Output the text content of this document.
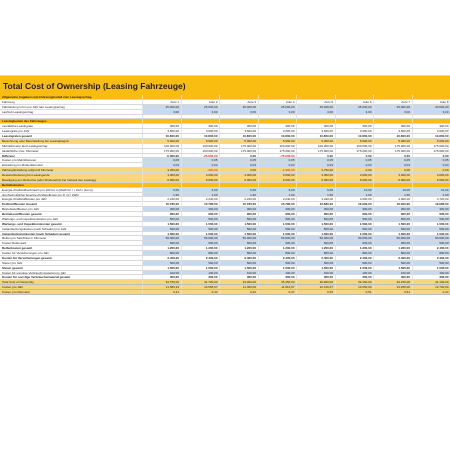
Total Cost of Ownership (Leasing Fahrzeuge)
Allgemeine Angaben zum Fahrzeugmodell zum Leasingvertrag
Fahrzeug	Auto 1	Auto 2	Auto 3	Auto 4	Auto 5	Auto 6	Auto 7	Auto 8
Fahrleistung in km pro Jahr laut Leasingvertrag	25.000,00	25.000,00	25.000,00	25.000,00	25.000,00	25.000,00	25.000,00	40.000,00
Laufzeit Leasingvertrag	3,00	3,00	3,00	3,00	3,00	3,00	3,00	3,00
Leasingkosten des Fahrzeuges
monatliche Leasingrate	300,00	300,00	300,00	300,00	300,00	300,00	300,00	300,00
Leasingrate pro Jahr	3.600,00	3.600,00	3.600,00	3.600,00	3.600,00	3.600,00	3.600,00	3.600,00
Leasingraten gesamt	10.800,00	10.800,00	10.800,00	10.800,00	10.800,00	10.800,00	10.800,00	10.800,00
Berechnung oder Bereitstellung bei Leasingbeginn	5.000,00	5.000,00	5.000,00	5.000,00	5.000,00	5.000,00	5.000,00	5.000,00
Mehrkilometer laut Leasingvertrag	100.000,00	100.000,00	175.000,00	100.000,00	100.000,00	100.000,00	175.000,00	175.000,00
tatsächliche max. Kilometer	175.000,00	150.000,00	175.000,00	175.000,00	175.000,00	175.000,00	175.000,00	175.000,00
Differenz	-5.000,00	-25.000,00	0,00	-75.000,00	0,00	0,00	0,00	0,00
Kosten pro Mehrkilometer	0,05	0,05	0,05	0,05	0,05	0,05	0,05	0,05
Erstattung pro Minderkilometer	0,03	0,03	0,03	0,03	0,03	0,03	0,03	0,03
Zahlung/Erstattung aufgrund Kilometer	3.250,00	-300,00	0,00	-3.300,00	3.750,00	0,00	0,00	0,00
Restwertforderung bei Leasingende	3.000,00	3.000,00	3.000,00	3.000,00	3.000,00	3.000,00	3.000,00	3.000,00
Beteiligung am Mehrerlös (oder Mindererlös) bei Verkauf des Leasingg.	6.000,00	6.000,00	6.000,00	6.000,00	6.000,00	6.000,00	6.000,00	6.000,00
Betriebskosten
Energie-/Kraftstoffverbrauch pro 100 km in [l/kwh/m³ / l, kwh / (kom)]	6,00	6,00	6,00	6,00	6,00	10,00	10,00	10,00
durchschnittlicher Energie-/Kraftstoffpreis pro [l/ m³ / kWh]	1,60	1,60	1,60	1,60	1,60	1,60	1,60	1,60
Energie-/Kraftstoffkosten pro Jahr	2.240,00	2.240,00	2.240,00	2.240,00	3.040,00	4.000,00	4.000,00	4.720,00
Kraftstoffkosten Gesamt	15.780,00	15.780,00	15.780,00	15.780,00	15.680,00	16.000,00	16.000,00	19.680,00
Betriebsstoffkosten pro Jahr	300,00	300,00	300,00	300,00	300,00	300,00	300,00	300,00
Betriebsstoffkosten gesamt	900,00	900,00	900,00	900,00	900,00	900,00	900,00	900,00
Wartungs- und Inspektionskosten pro Jahr	500,00	500,00	500,00	500,00	500,00	500,00	500,00	500,00
Wartungs- und Inspektionskosten gesamt	1.500,00	1.500,00	1.500,00	1.500,00	1.500,00	1.500,00	1.500,00	1.500,00
Instandsetzungskosten (nach Schaden) pro Jahr	500,00	500,00	500,00	500,00	500,00	500,00	500,00	500,00
Instandsetzungskosten (nach Schaden) gesamt	1.500,00	1.500,00	1.500,00	1.500,00	1.500,00	1.500,00	1.500,00	1.500,00
Reifen pro Satz/Paar in Kilometer	50.000,00	50.000,00	50.000,00	50.000,00	50.000,00	50.000,00	50.000,00	50.000,00
Kosten Reifensatz	600,00	600,00	600,00	600,00	600,00	600,00	600,00	600,00
Reifenkosten gesamt	1.200,00	1.200,00	1.200,00	1.200,00	1.200,00	1.200,00	1.200,00	2.400,00
Kosten für Versicherungen pro Jahr	800,00	800,00	800,00	800,00	800,00	800,00	800,00	800,00
Kosten für Versicherungen gesamt	2.400,00	2.400,00	2.400,00	2.400,00	2.400,00	2.400,00	2.400,00	2.400,00
Steuer pro Jahr	500,00	500,00	500,00	500,00	500,00	500,00	500,00	500,00
Steuer gesamt	1.500,00	1.500,00	1.500,00	1.500,00	1.500,00	1.500,00	1.500,00	1.500,00
Kosten für sonstige Verbrauchsmaterial pro Jahr	100,00	100,00	100,00	100,00	100,00	100,00	100,00	100,00
Kosten für sonstige Verbrauchsmaterial gesamt	300,00	300,00	300,00	300,00	300,00	300,00	300,00	300,00
Total Cost of Ownership	34.750,00	31.700,00	33.000,00	35.450,00	36.950,00	39.150,00	39.150,00	41.100,00
Kosten pro Jahr	11.583,33	10.566,67	11.000,00	11.816,67	12.316,67	13.050,00	13.050,00	13.700,00
Kosten pro Kilometer	0,41	0,42	0,42	0,47	0,45	0,51	0,51	0,44
